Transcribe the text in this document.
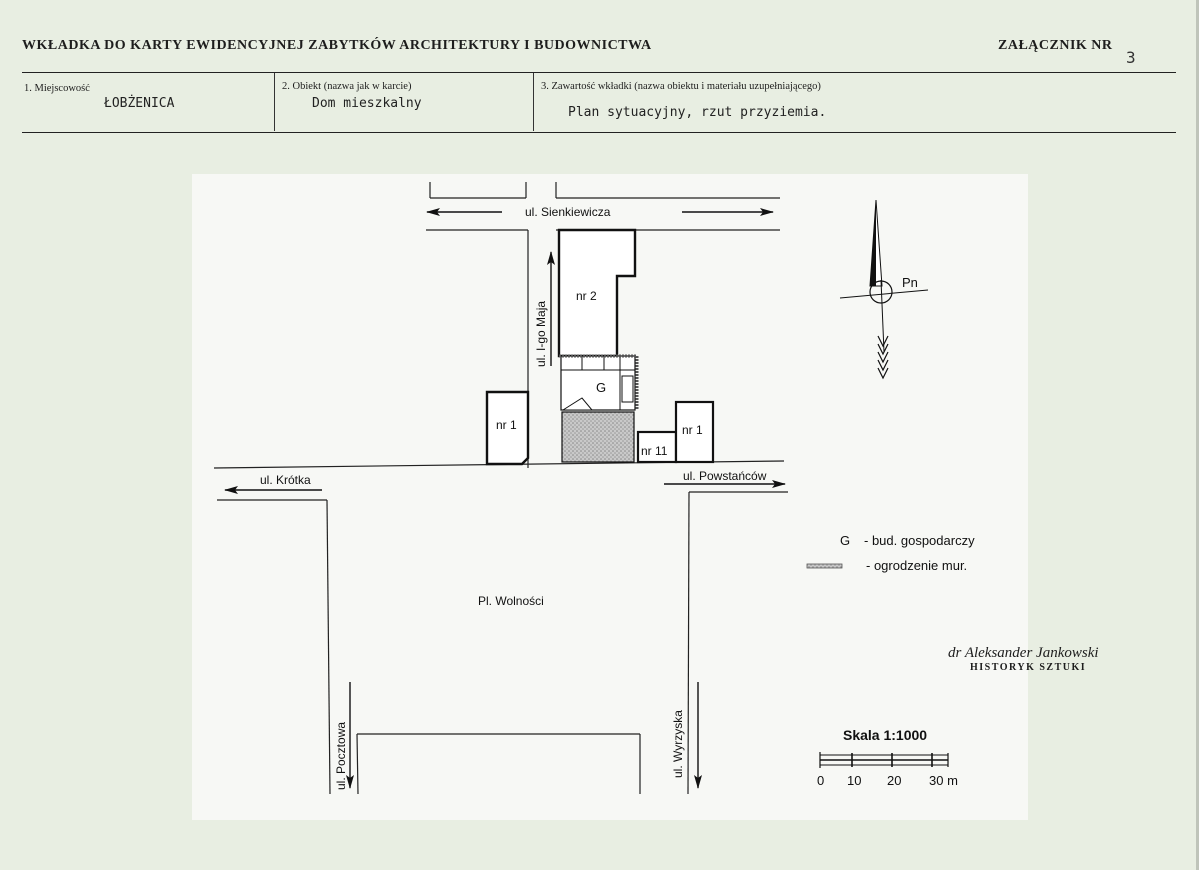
WKŁADKA DO KARTY EWIDENCYJNEJ ZABYTKÓW ARCHITEKTURY I BUDOWNICTWA	ZAŁĄCZNIK NR
3
1. Miejscowość
ŁOBŻENICA
2. Obiekt (nazwa jak w karcie)
Dom mieszkalny
3. Zawartość wkładki (nazwa obiektu i materiału uzupełniającego)
Plan sytuacyjny, rzut przyziemia.
ul. Sienkiewicza
ul. I-go Maja
ul. Krótka	ul. Powstańców
ul. Pocztowa	ul. Wyrzyska
Pl. Wolności
nr 2
G
nr 1
nr 11
nr 1
Pn
G - bud. gospodarczy
- ogrodzenie mur.
Skala 1:1000
0 10 20 30 m
dr Aleksander Jankowski
HISTORYK SZTUKI
